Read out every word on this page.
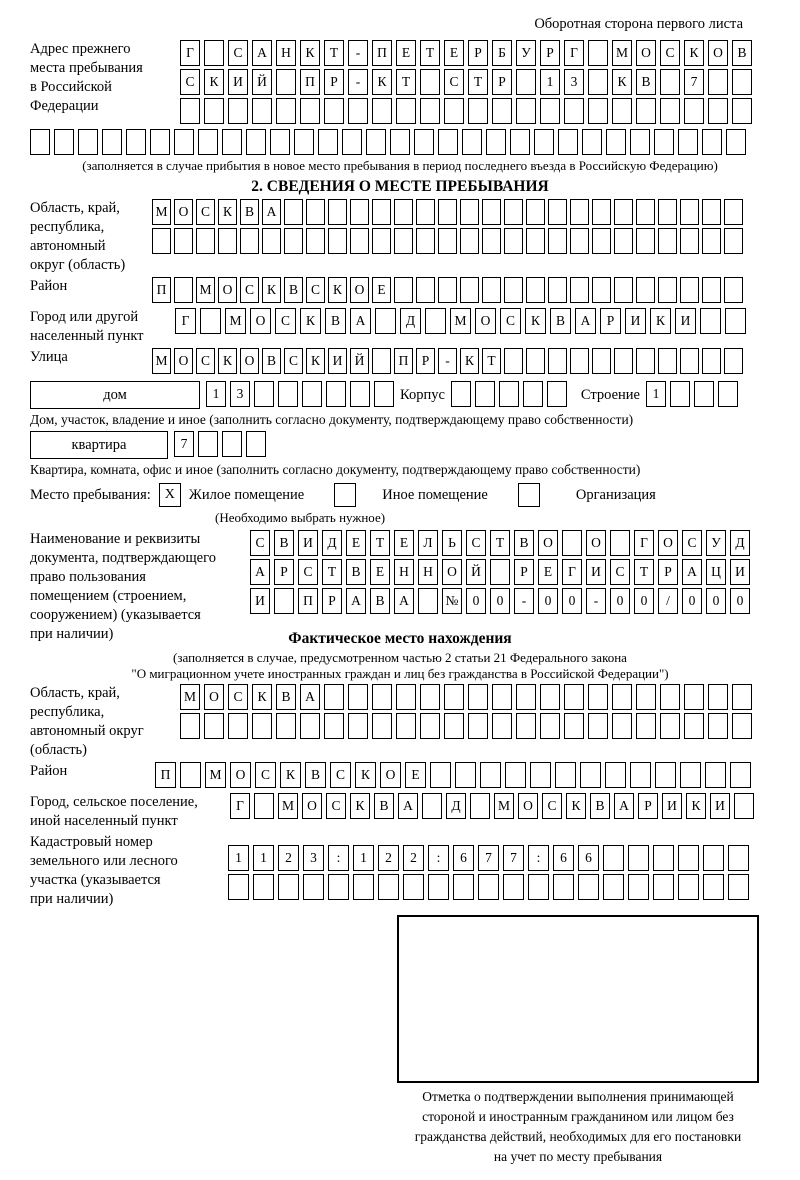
Оборотная сторона первого листа
Адрес прежнего
места пребывания
в Российской
Федерации
Г	С	А	Н	К	Т	-	П	Е	Т	Е	Р	Б	У	Р	Г	М О	С	К	О	В
С	К	И	Й	П	Р	-	К	Т	С	Т	Р	1	3	К	В	7
(заполняется в случае прибытия в новое место пребывания в период последнего въезда в Российскую Федерацию)
2. СВЕДЕНИЯ О МЕСТЕ ПРЕБЫВАНИЯ
Область, край,
республика,
автономный
округ (область)
М О С К В А
Район	П	М О С К В С К О Е
Город или другой
населенный пункт
Г	М	О	С	К	В	А	Д	М	О	С	К	В	А	Р	И	К	И
Улица	М О С К О В С К И Й	П Р	-	К Т
дом	1	3	Корпус	Строение 1
Дом, участок, владение и иное (заполнить согласно документу, подтверждающему право собственности)
квартира	7
Квартира, комната, офис и иное (заполнить согласно документу, подтверждающему право собственности)
Место пребывания: X Жилое помещение	Иное помещение	Организация
(Необходимо выбрать нужное)
Наименование и реквизиты
документа, подтверждающего
право пользования
помещением (строением,
сооружением) (указывается
при наличии)
С	В	И	Д	Е	Т	Е	Л	Ь	С	Т	В	О	О	Г	О	С	У	Д
А	Р	С	Т	В	Е	Н	Н	О	Й	Р	Е	Г	И	С	Т	Р	А	Ц	И
И	П	Р	А	В	А	№	0	0	-	0	0	-	0	0	/	0	0	0
Фактическое место нахождения
(заполняется в случае, предусмотренном частью 2 статьи 21 Федерального закона
"О миграционном учете иностранных граждан и лиц без гражданства в Российской Федерации")
Область, край,
республика,
автономный округ
(область)
М О	С	К	В	А
Район	П	М	О	С	К	В	С	К	О	Е
Город, сельское поселение,
иной населенный пункт
Г	М О	С	К	В	А	Д	М О	С	К	В	А	Р	И	К	И
Кадастровый номер
земельного или лесного
участка (указывается
при наличии)
1	1	2	3	:	1	2	2	:	6	7	7	:	6	6
Отметка о подтверждении выполнения принимающей
стороной и иностранным гражданином или лицом без
гражданства действий, необходимых для его постановки
на учет по месту пребывания
